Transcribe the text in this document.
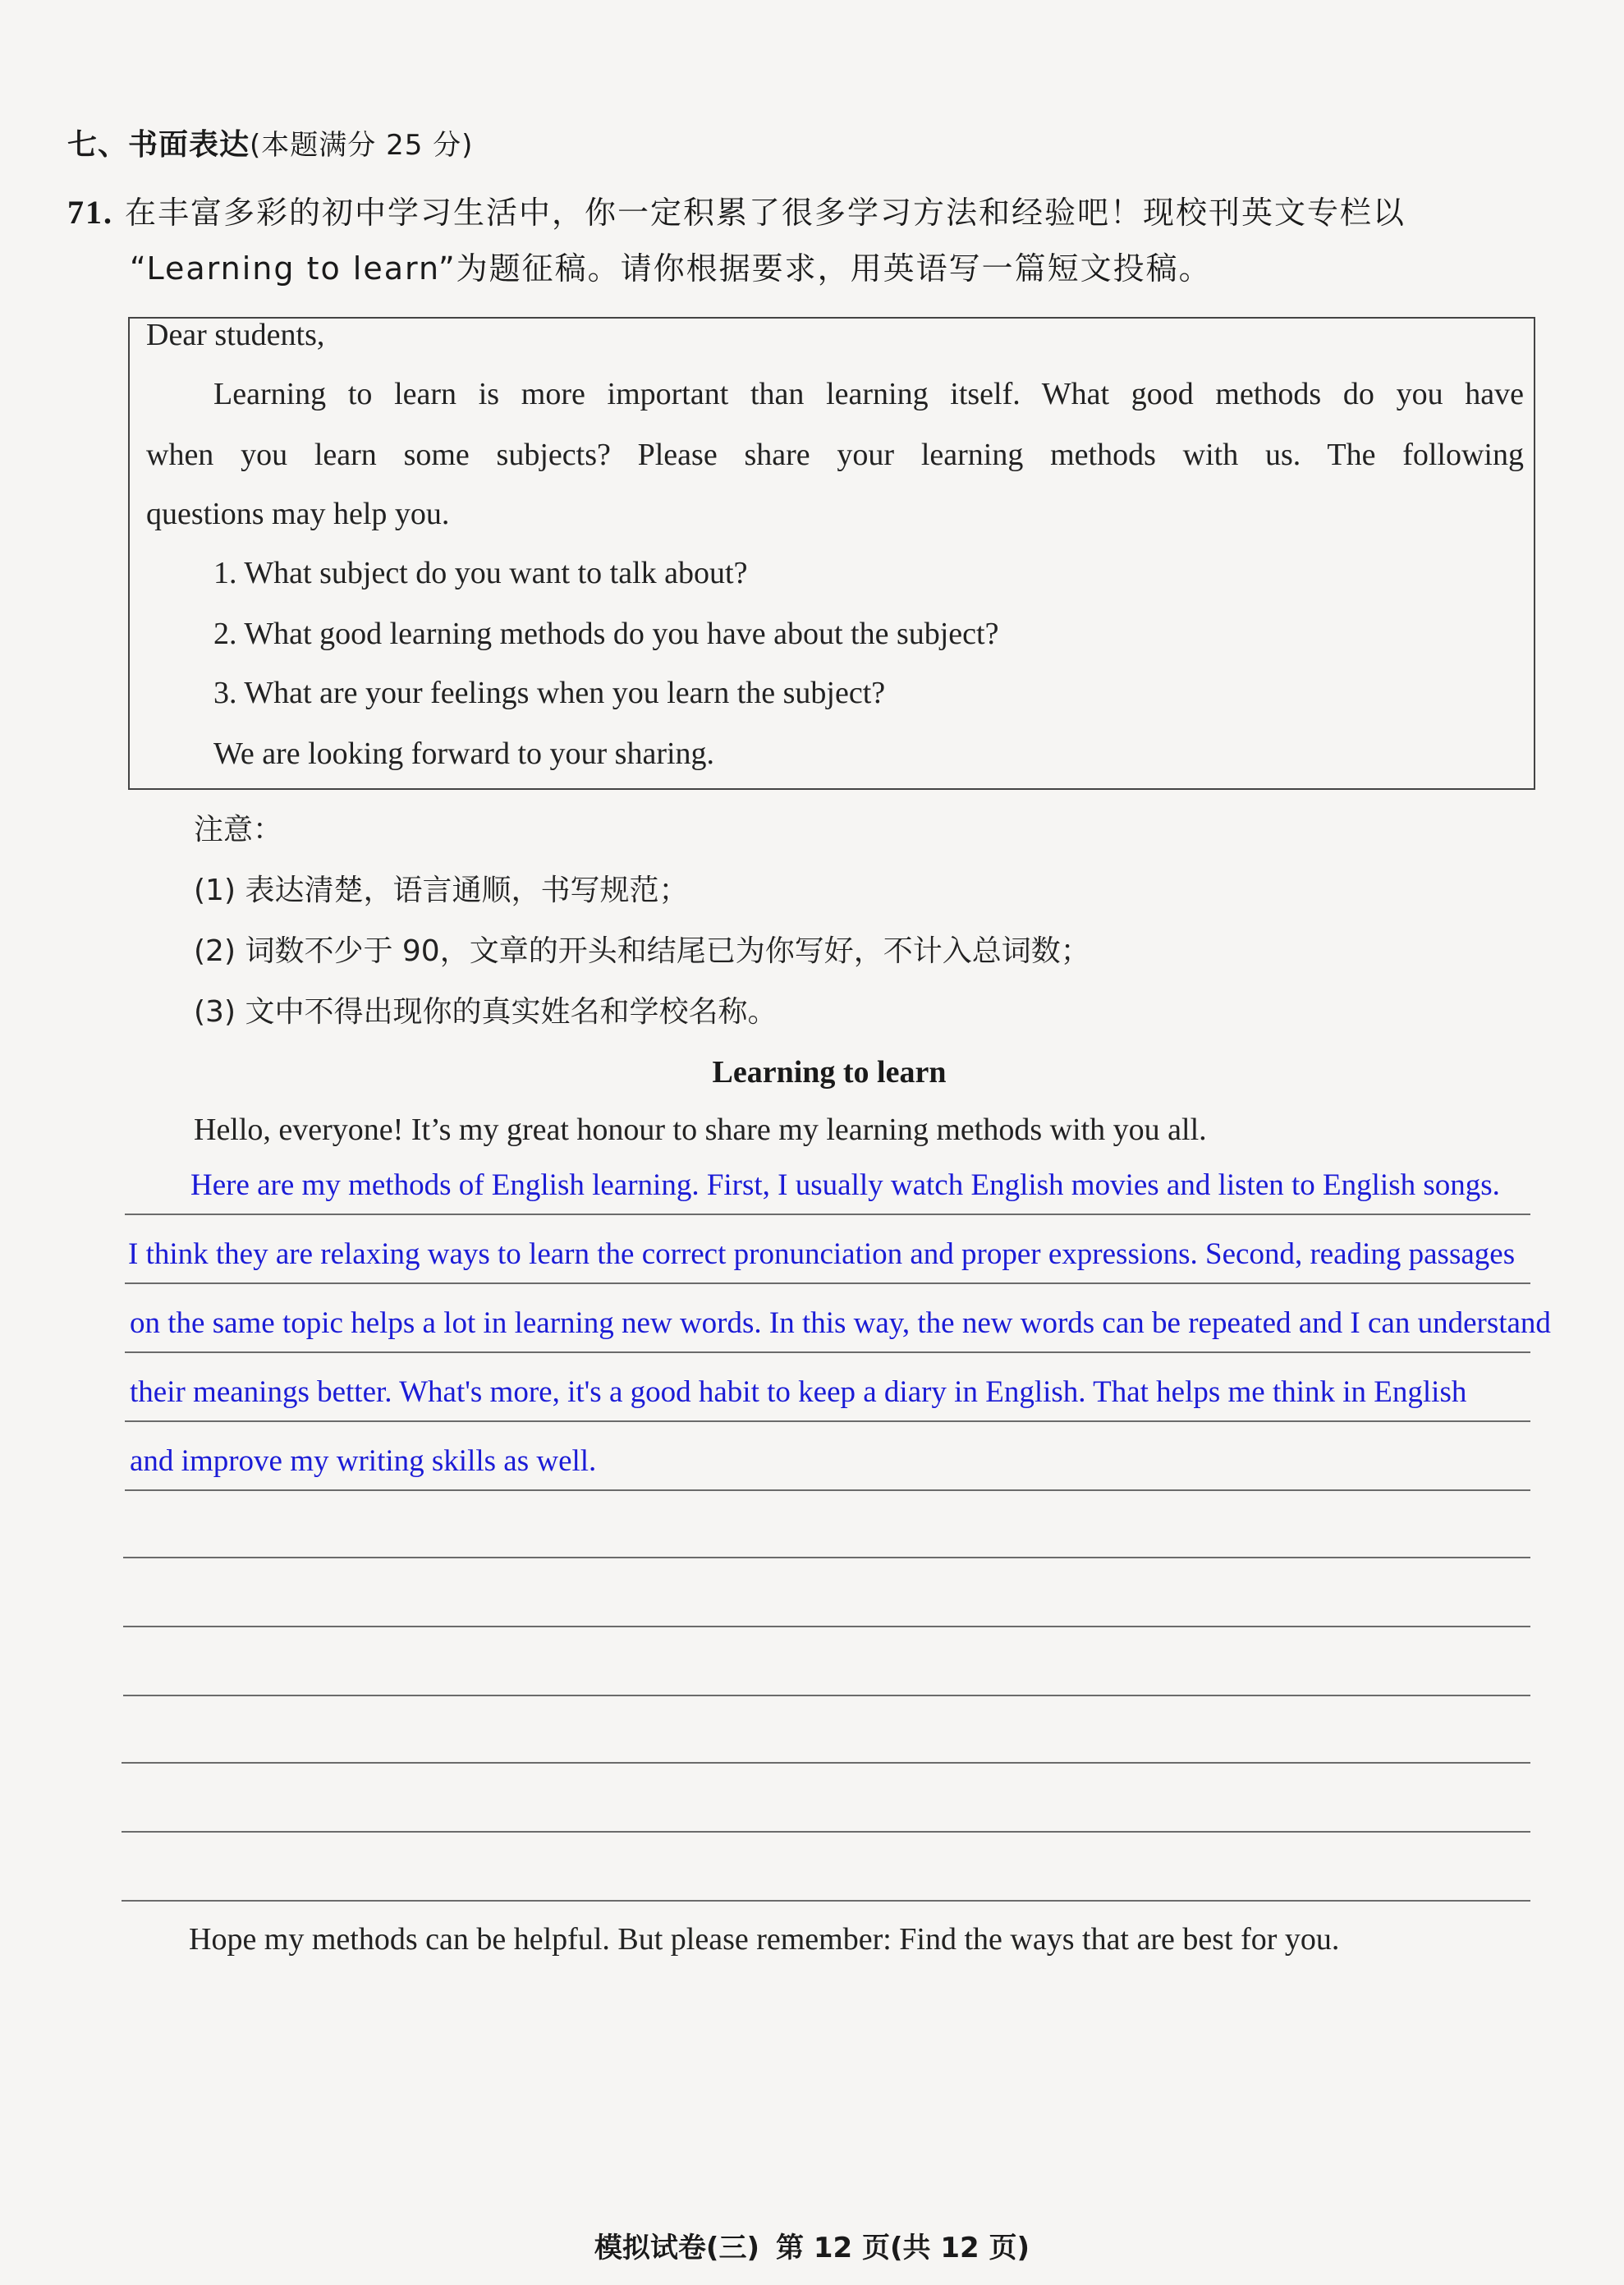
七、书面表达(本题满分 25 分)
71. 在丰富多彩的初中学习生活中，你一定积累了很多学习方法和经验吧！现校刊英文专栏以
“Learning to learn”为题征稿。请你根据要求，用英语写一篇短文投稿。
Dear students,
Learning to learn is more important than learning itself. What good methods do you have
when you learn some subjects? Please share your learning methods with us. The following
questions may help you.
1. What subject do you want to talk about?
2. What good learning methods do you have about the subject?
3. What are your feelings when you learn the subject?
We are looking forward to your sharing.
注意：
(1) 表达清楚，语言通顺，书写规范；
(2) 词数不少于 90，文章的开头和结尾已为你写好，不计入总词数；
(3) 文中不得出现你的真实姓名和学校名称。
Learning to learn
Hello, everyone! It’s my great honour to share my learning methods with you all.
Here are my methods of English learning. First, I usually watch English movies and listen to English songs.
I think they are relaxing ways to learn the correct pronunciation and proper expressions. Second, reading passages
on the same topic helps a lot in learning new words. In this way, the new words can be repeated and I can understand
their meanings better. What's more, it's a good habit to keep a diary in English. That helps me think in English
and improve my writing skills as well.
Hope my methods can be helpful. But please remember: Find the ways that are best for you.
模拟试卷(三) 第 12 页(共 12 页)
